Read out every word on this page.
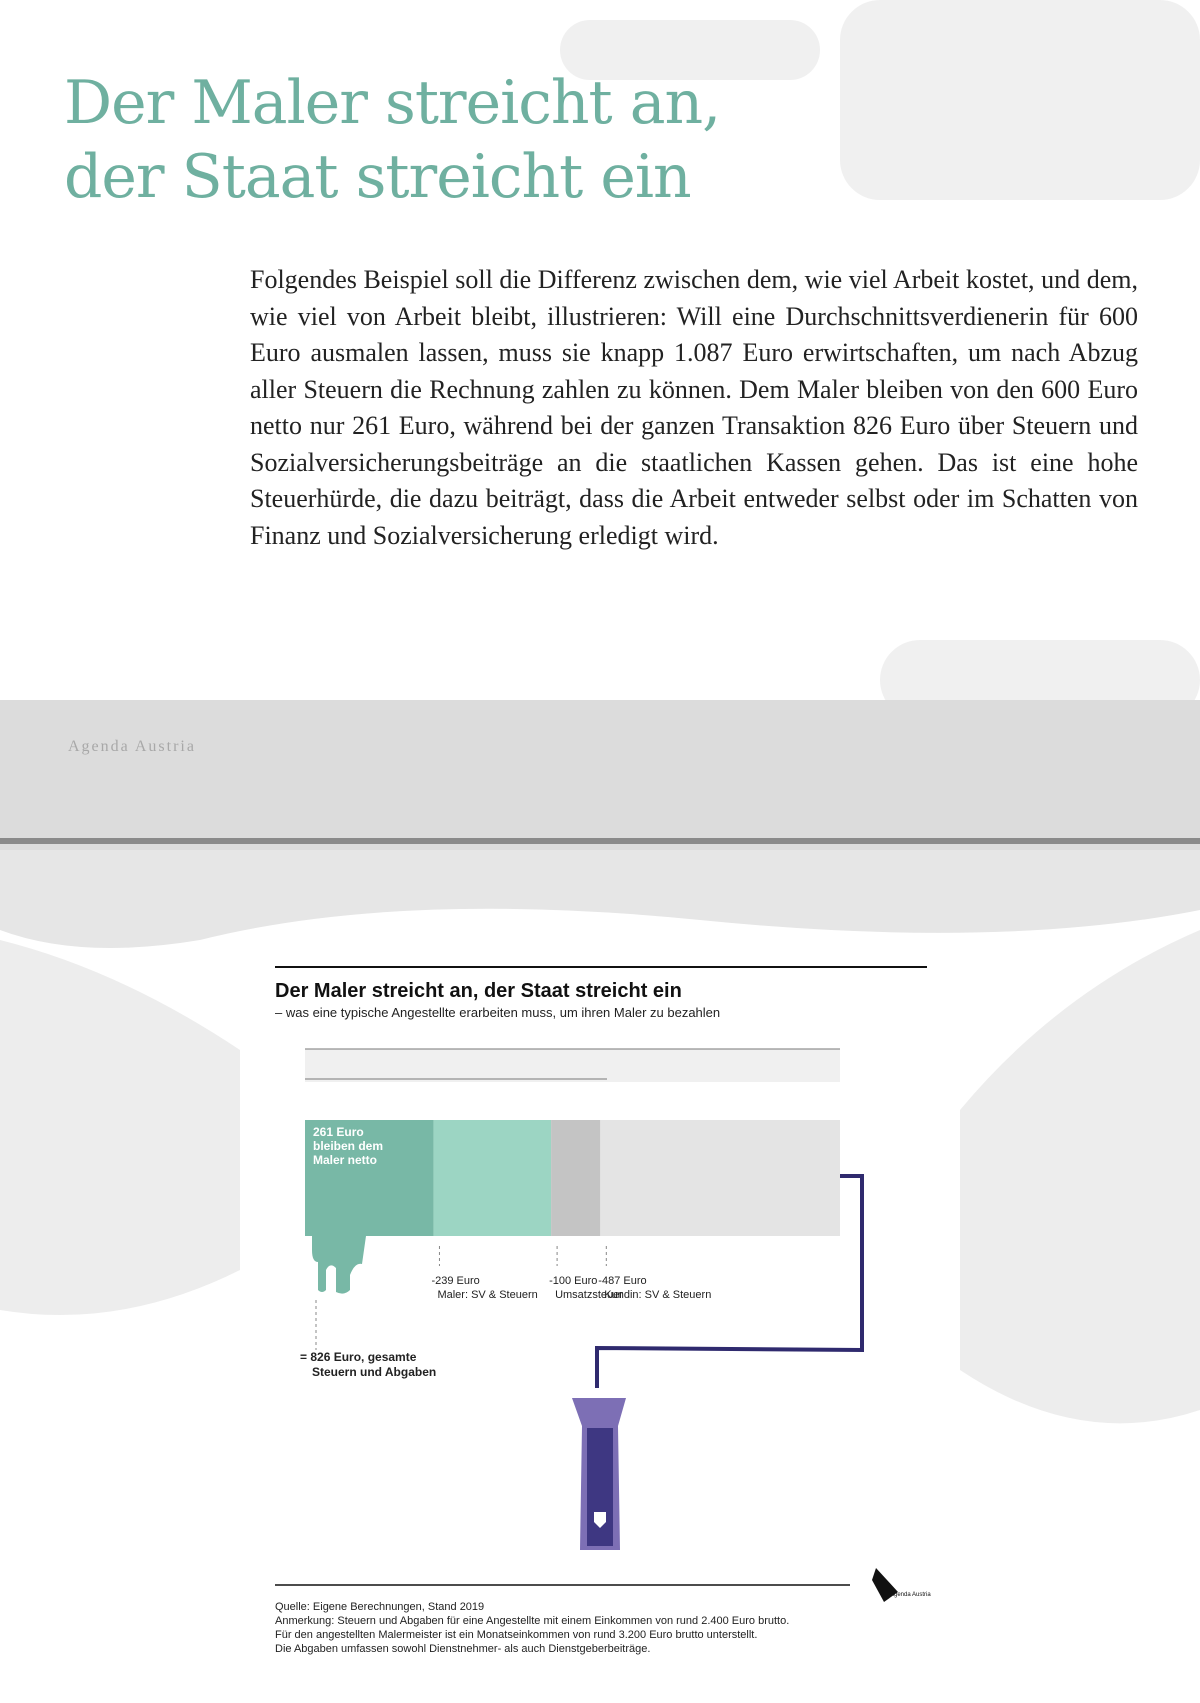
Der Maler streicht an,
der Staat streicht ein

Folgendes Beispiel soll die Differenz zwischen dem, wie viel Arbeit kostet, und dem, wie viel von Arbeit bleibt, illustrieren: Will eine Durchschnittsverdienerin für 600 Euro ausmalen lassen, muss sie knapp 1.087 Euro erwirtschaften, um nach Abzug aller Steuern die Rechnung zahlen zu können. Dem Maler bleiben von den 600 Euro netto nur 261 Euro, während bei der ganzen Transaktion 826 Euro über Steuern und Sozialversicherungsbeiträge an die staatlichen Kassen gehen. Das ist eine hohe Steuerhürde, die dazu beiträgt, dass die Arbeit entweder selbst oder im Schatten von Finanz und Sozialversicherung erledigt wird.

Agenda Austria
Der Maler streicht an, der Staat streicht ein
– was eine typische Angestellte erarbeiten muss, um ihren Maler zu bezahlen
261 Euro bleiben dem Maler netto
-239 Euro
Maler: SV & Steuern
-100 Euro
Umsatzsteuer
-487 Euro
Kundin: SV & Steuern
= 826 Euro, gesamte
Steuern und Abgaben
Quelle: Eigene Berechnungen, Stand 2019
Anmerkung: Steuern und Abgaben für eine Angestellte mit einem Einkommen von rund 2.400 Euro brutto.
Für den angestellten Malermeister ist ein Monatseinkommen von rund 3.200 Euro brutto unterstellt.
Die Abgaben umfassen sowohl Dienstnehmer- als auch Dienstgeberbeiträge.
Agenda Austria
